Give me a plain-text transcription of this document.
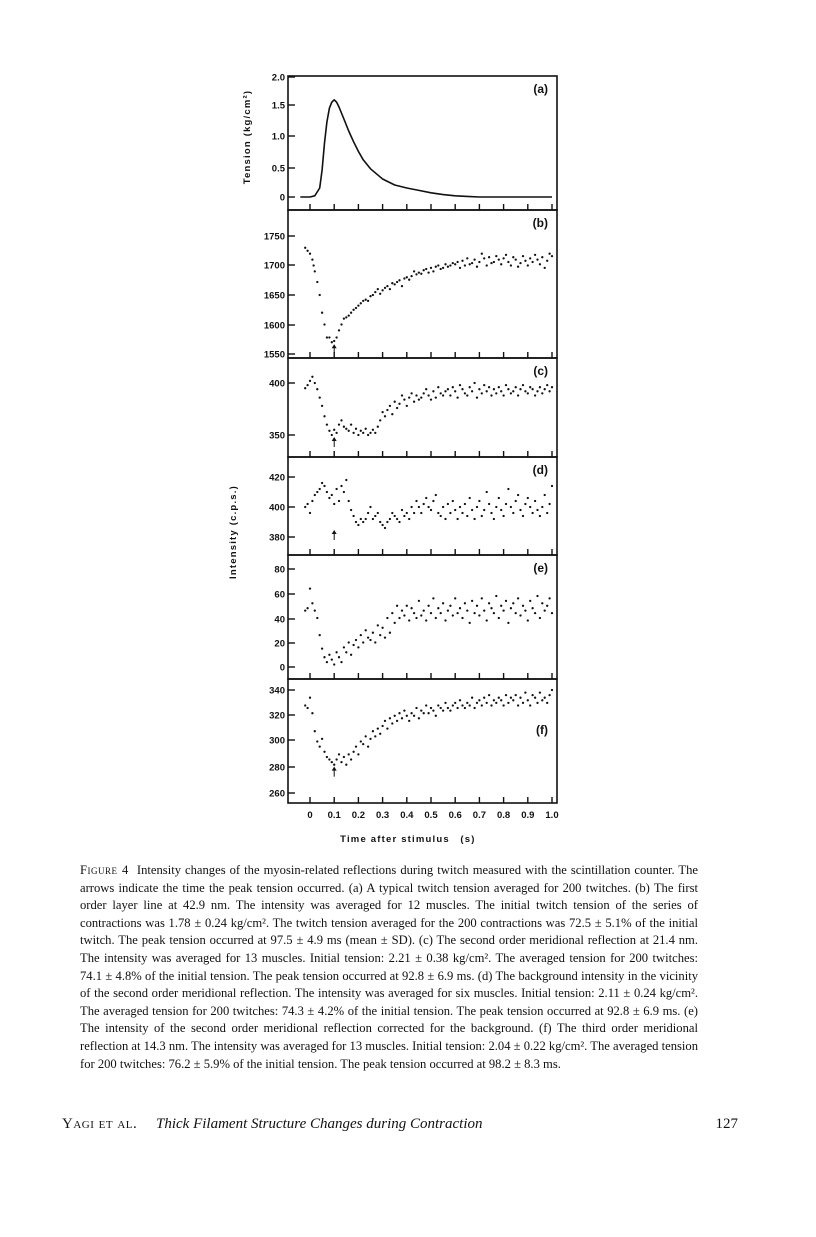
2.0
1.5
1.0
0.5
0
(a)
Tension (kg/cm²)
1750
1700
1650
1600
1550
(b)
400
350
(c)
420
400
380
(d)
Intensity (c.p.s.)	80
60
40
20
0
(e)
340
320
300
280
260
(f)
0 0.1 0.2 0.3 0.4 0.5 0.6 0.7 0.8 0.9 1.0
Time after stimulus (s)
Figure 4 Intensity changes of the myosin-related reflections during twitch measured with the scintillation counter. The arrows indicate the time the peak tension occurred. (a) A typical twitch tension averaged for 200 twitches. (b) The first order layer line at 42.9 nm. The intensity was averaged for 12 muscles. The initial twitch tension of the series of contractions was 1.78 ± 0.24 kg/cm². The twitch tension averaged for the 200 contractions was 72.5 ± 5.1% of the initial twitch. The peak tension occurred at 97.5 ± 4.9 ms (mean ± SD). (c) The second order meridional reflection at 21.4 nm. The intensity was averaged for 13 muscles. Initial tension: 2.21 ± 0.38 kg/cm². The averaged tension for 200 twitches: 74.1 ± 4.8% of the initial tension. The peak tension occurred at 92.8 ± 6.9 ms. (d) The background intensity in the vicinity of the second order meridional reflection. The intensity was averaged for six muscles. Initial tension: 2.11 ± 0.24 kg/cm². The averaged tension for 200 twitches: 74.3 ± 4.2% of the initial tension. The peak tension occurred at 92.8 ± 6.9 ms. (e) The intensity of the second order meridional reflection corrected for the background. (f) The third order meridional reflection at 14.3 nm. The intensity was averaged for 13 muscles. Initial tension: 2.04 ± 0.22 kg/cm². The averaged tension for 200 twitches: 76.2 ± 5.9% of the initial tension. The peak tension occurred at 98.2 ± 8.3 ms.
Yagi et al. Thick Filament Structure Changes during Contraction	127
